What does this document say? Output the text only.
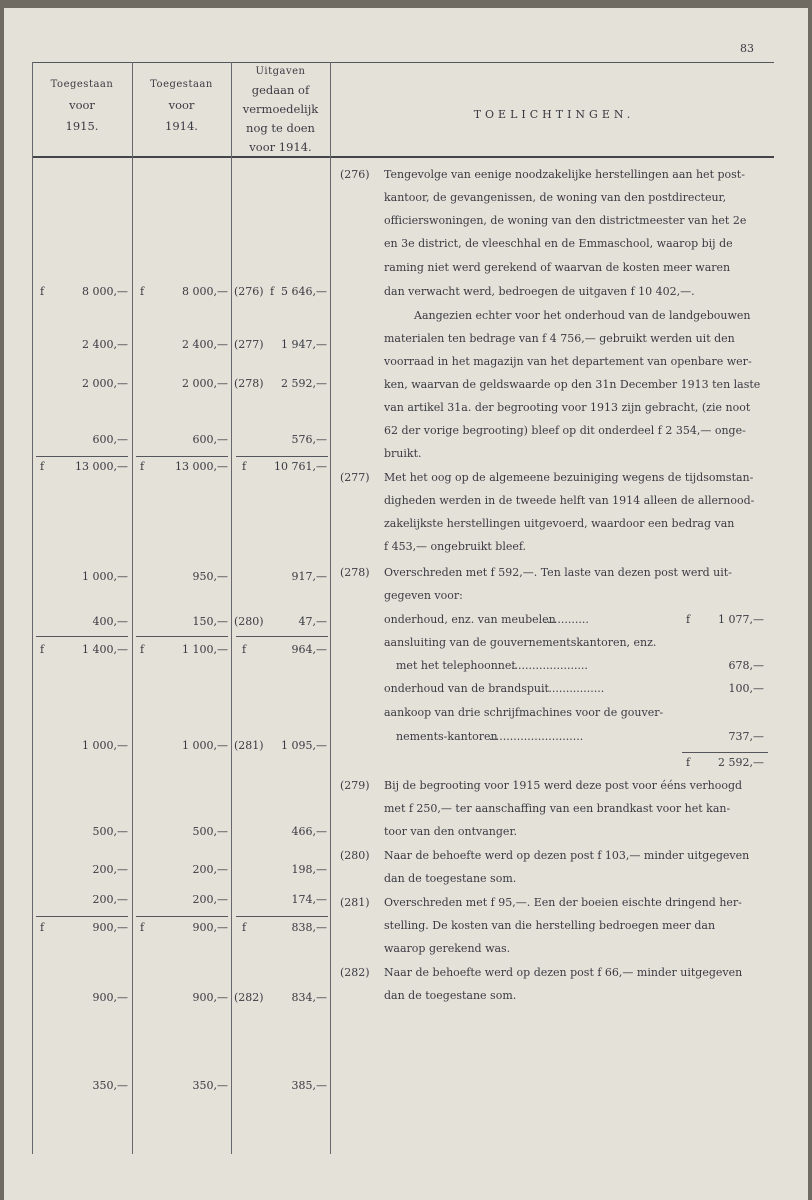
83
Toegestaan
voor
1915.
Toegestaan
voor
1914.
Uitgaven
gedaan of
vermoedelijk
nog te doen
voor 1914.
TOELICHTINGEN.
f	8 000,— f	8 000,— (276) f 5 646,—
2 400,—	2 400,— (277)	1 947,—
2 000,—	2 000,— (278)	2 592,—
600,—	600,—	576,—
f	13 000,— f	13 000,— f	10 761,—
1 000,—	950,—	917,—
400,—	150,— (280)	47,—
f	1 400,— f	1 100,— f	964,—
1 000,—	1 000,— (281)	1 095,—
500,—	500,—	466,—
200,—	200,—	198,—
200,—	200,—	174,—
f	900,— f	900,— f	838,—
900,—	900,— (282)	834,—
350,—	350,—	385,—
(276) Tengevolge van eenige noodzakelijke herstellingen aan het post-
kantoor, de gevangenissen, de woning van den postdirecteur,
officierswoningen, de woning van den districtmeester van het 2e
en 3e district, de vleeschhal en de Emmaschool, waarop bij de
raming niet werd gerekend of waarvan de kosten meer waren
dan verwacht werd, bedroegen de uitgaven f 10 402,—.
Aangezien echter voor het onderhoud van de landgebouwen
materialen ten bedrage van f 4 756,— gebruikt werden uit den
voorraad in het magazijn van het departement van openbare wer-
ken, waarvan de geldswaarde op den 31n December 1913 ten laste
van artikel 31a. der begrooting voor 1913 zijn gebracht, (zie noot
62 der vorige begrooting) bleef op dit onderdeel f 2 354,— onge-
bruikt.
(277) Met het oog op de algemeene bezuiniging wegens de tijdsomstan-
digheden werden in de tweede helft van 1914 alleen de allernood-
zakelijkste herstellingen uitgevoerd, waardoor een bedrag van
f 453,— ongebruikt bleef.
(278) Overschreden met f 592,—. Ten laste van dezen post werd uit-
gegeven voor:
onderhoud, enz. van meubelen
.............	f	1 077,—
aansluiting van de gouvernementskantoren, enz.
met het telephoonnet
......................	678,—
onderhoud van de brandspuit
...................	100,—
aankoop van drie schrijfmachines voor de gouver-
nements-kantoren
...........................	737,—
f	2 592,—
(279) Bij de begrooting voor 1915 werd deze post voor ééns verhoogd
met f 250,— ter aanschaffing van een brandkast voor het kan-
toor van den ontvanger.
(280) Naar de behoefte werd op dezen post f 103,— minder uitgegeven
dan de toegestane som.
(281) Overschreden met f 95,—. Een der boeien eischte dringend her-
stelling. De kosten van die herstelling bedroegen meer dan
waarop gerekend was.
(282) Naar de behoefte werd op dezen post f 66,— minder uitgegeven
dan de toegestane som.
